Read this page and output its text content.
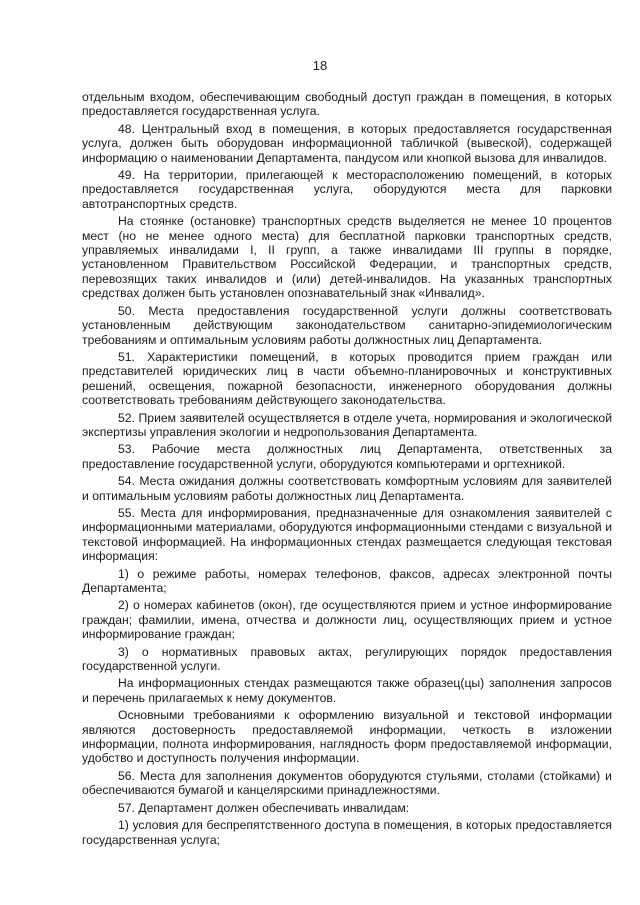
18

отдельным входом, обеспечивающим свободный доступ граждан в помещения, в которых предоставляется государственная услуга.

48. Центральный вход в помещения, в которых предоставляется государственная услуга, должен быть оборудован информационной табличкой (вывеской), содержащей информацию о наименовании Департамента, пандусом или кнопкой вызова для инвалидов.

49. На территории, прилегающей к месторасположению помещений, в которых предоставляется государственная услуга, оборудуются места для парковки автотранспортных средств.

На стоянке (остановке) транспортных средств выделяется не менее 10 процентов мест (но не менее одного места) для бесплатной парковки транспортных средств, управляемых инвалидами I, II групп, а также инвалидами III группы в порядке, установленном Правительством Российской Федерации, и транспортных средств, перевозящих таких инвалидов и (или) детей-инвалидов. На указанных транспортных средствах должен быть установлен опознавательный знак «Инвалид».

50. Места предоставления государственной услуги должны соответствовать установленным действующим законодательством санитарно-эпидемиологическим требованиям и оптимальным условиям работы должностных лиц Департамента.

51. Характеристики помещений, в которых проводится прием граждан или представителей юридических лиц в части объемно-планировочных и конструктивных решений, освещения, пожарной безопасности, инженерного оборудования должны соответствовать требованиям действующего законодательства.

52. Прием заявителей осуществляется в отделе учета, нормирования и экологической экспертизы управления экологии и недропользования Департамента.

53. Рабочие места должностных лиц Департамента, ответственных за предоставление государственной услуги, оборудуются компьютерами и оргтехникой.

54. Места ожидания должны соответствовать комфортным условиям для заявителей и оптимальным условиям работы должностных лиц Департамента.

55. Места для информирования, предназначенные для ознакомления заявителей с информационными материалами, оборудуются информационными стендами с визуальной и текстовой информацией. На информационных стендах размещается следующая текстовая информация:

1) о режиме работы, номерах телефонов, факсов, адресах электронной почты Департамента;

2) о номерах кабинетов (окон), где осуществляются прием и устное информирование граждан; фамилии, имена, отчества и должности лиц, осуществляющих прием и устное информирование граждан;

3) о нормативных правовых актах, регулирующих порядок предоставления государственной услуги.

На информационных стендах размещаются также образец(цы) заполнения запросов и перечень прилагаемых к нему документов.

Основными требованиями к оформлению визуальной и текстовой информации являются достоверность предоставляемой информации, четкость в изложении информации, полнота информирования, наглядность форм предоставляемой информации, удобство и доступность получения информации.

56. Места для заполнения документов оборудуются стульями, столами (стойками) и обеспечиваются бумагой и канцелярскими принадлежностями.

57. Департамент должен обеспечивать инвалидам:

1) условия для беспрепятственного доступа в помещения, в которых предоставляется государственная услуга;
